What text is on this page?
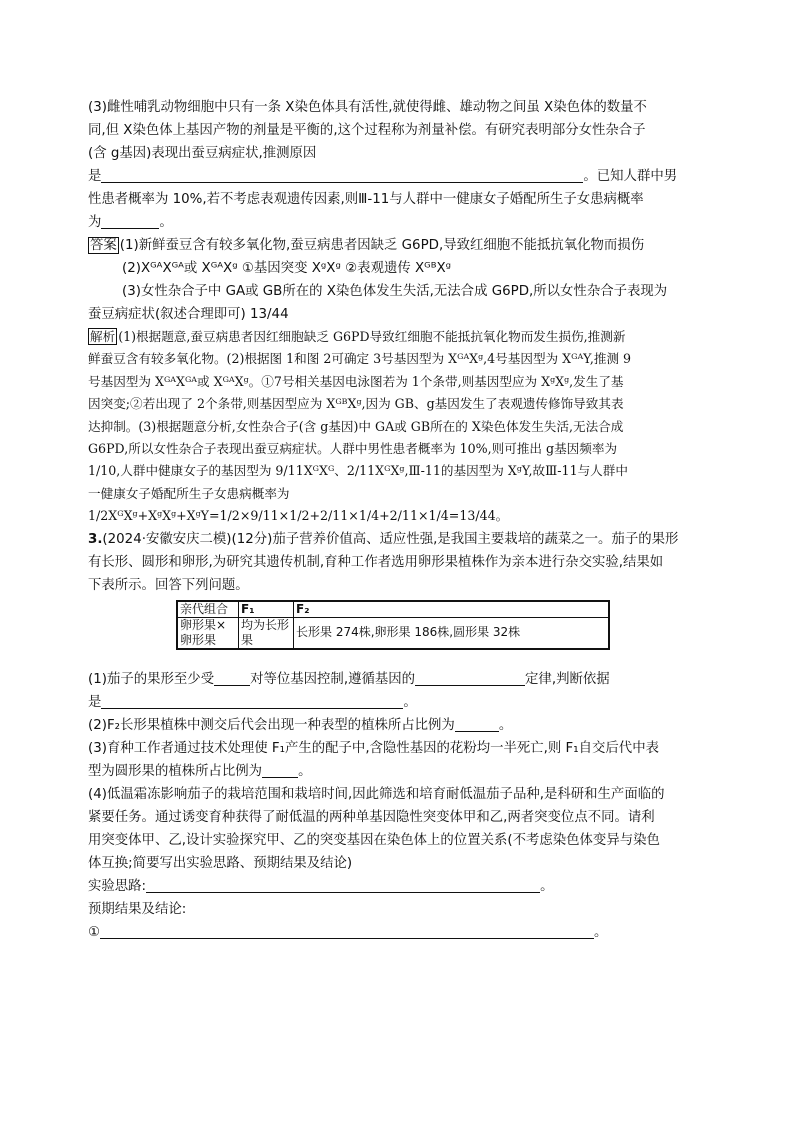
(3)雌性哺乳动物细胞中只有一条 X染色体具有活性,就使得雌、雄动物之间虽 X染色体的数量不

同,但 X染色体上基因产物的剂量是平衡的,这个过程称为剂量补偿。有研究表明部分女性杂合子

(含 g基因)表现出蚕豆病症状,推测原因

是	。已知人群中男

性患者概率为 10%,若不考虑表观遗传因素,则Ⅲ-11与人群中一健康女子婚配所生子女患病概率

为	。

答案 (1)新鲜蚕豆含有较多氧化物,蚕豆病患者因缺乏 G6PD,导致红细胞不能抵抗氧化物而损伤

(2)XᴳᴬXᴳᴬ或 XᴳᴬXᵍ ①基因突变 XᵍXᵍ ②表观遗传 XᴳᴮXᵍ

(3)女性杂合子中 GA或 GB所在的 X染色体发生失活,无法合成 G6PD,所以女性杂合子表现为

蚕豆病症状(叙述合理即可) 13/44

解析 (1)根据题意,蚕豆病患者因红细胞缺乏 G6PD导致红细胞不能抵抗氧化物而发生损伤,推测新

鲜蚕豆含有较多氧化物。(2)根据图 1和图 2可确定 3号基因型为 XᴳᴬXᵍ,4号基因型为 XᴳᴬY,推测 9

号基因型为 XᴳᴬXᴳᴬ或 XᴳᴬXᵍ。①7号相关基因电泳图若为 1个条带,则基因型应为 XᵍXᵍ,发生了基

因突变;②若出现了 2个条带,则基因型应为 XᴳᴮXᵍ,因为 GB、g基因发生了表观遗传修饰导致其表

达抑制。(3)根据题意分析,女性杂合子(含 g基因)中 GA或 GB所在的 X染色体发生失活,无法合成

G6PD,所以女性杂合子表现出蚕豆病症状。人群中男性患者概率为 10%,则可推出 g基因频率为

1/10,人群中健康女子的基因型为 9/11XᴳXᴳ、2/11XᴳXᵍ,Ⅲ-11的基因型为 XᵍY,故Ⅲ-11与人群中

一健康女子婚配所生子女患病概率为

1/2XᴳXᵍ+XᵍXᵍ+XᵍY=1/2×9/11×1/2+2/11×1/4+2/11×1/4=13/44。

3.(2024·安徽安庆二模)(12分)茄子营养价值高、适应性强,是我国主要栽培的蔬菜之一。茄子的果形

有长形、圆形和卵形,为研究其遗传机制,育种工作者选用卵形果植株作为亲本进行杂交实验,结果如

下表所示。回答下列问题。

亲代组合	F₁	F₂
卵形果×卵形果	均为长形果	长形果 274株,卵形果 186株,圆形果 32株

(1)茄子的果形至少受	对等位基因控制,遵循基因的	定律,判断依据

是	。

(2)F₂长形果植株中测交后代会出现一种表型的植株所占比例为	。

(3)育种工作者通过技术处理使 F₁产生的配子中,含隐性基因的花粉均一半死亡,则 F₁自交后代中表

型为圆形果的植株所占比例为	。

(4)低温霜冻影响茄子的栽培范围和栽培时间,因此筛选和培育耐低温茄子品种,是科研和生产面临的

紧要任务。通过诱变育种获得了耐低温的两种单基因隐性突变体甲和乙,两者突变位点不同。请利

用突变体甲、乙,设计实验探究甲、乙的突变基因在染色体上的位置关系(不考虑染色体变异与染色

体互换;简要写出实验思路、预期结果及结论)

实验思路:	。

预期结果及结论:

①	。
